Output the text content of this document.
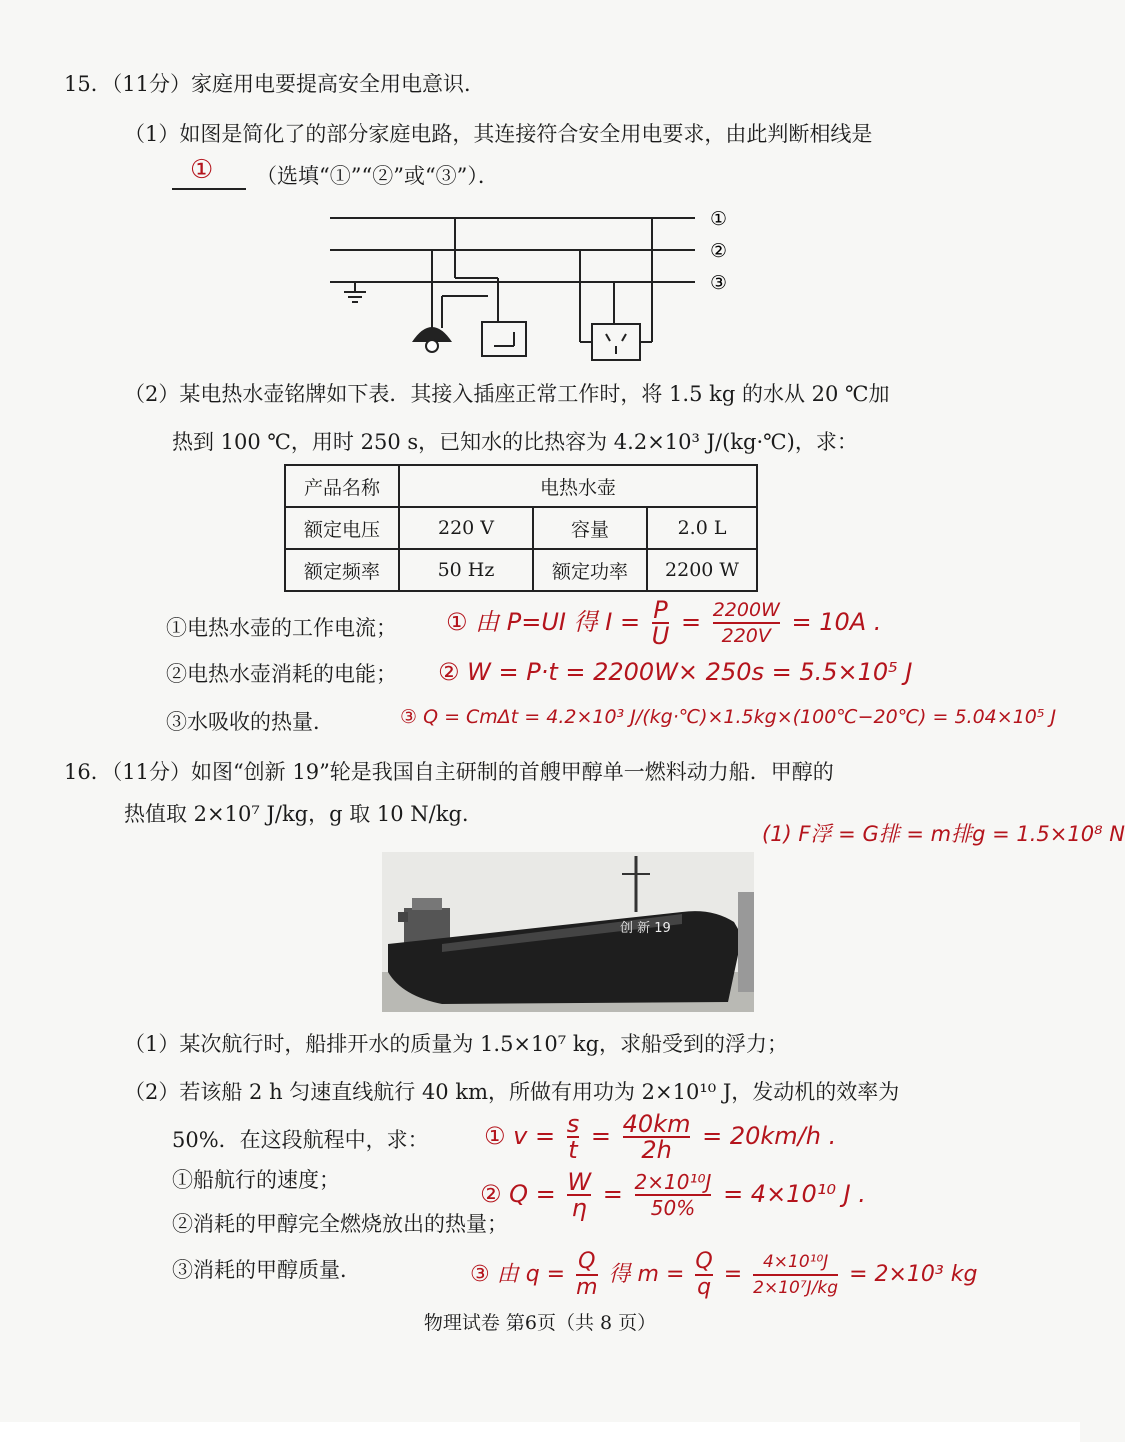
15．（11分）家庭用电要提高安全用电意识．
（1）如图是简化了的部分家庭电路，其连接符合安全用电要求，由此判断相线是
① （选填“①”“②”或“③”）．
①
②
③
（2）某电热水壶铭牌如下表．其接入插座正常工作时，将 1.5 kg 的水从 20 ℃加
热到 100 ℃，用时 250 s，已知水的比热容为 4.2×10³ J/(kg·℃)，求：
产品名称	电热水壶		
额定电压	220 V	容量	2.0 L
额定频率	50 Hz	额定功率	2200 W
①电热水壶的工作电流； ① 由 P=UI 得 $I = \frac{P}{U} = \frac{2200W}{220V} = 10A$ .
②电热水壶消耗的电能； ② W = P·t = 2200W× 250s = 5.5×10⁵ J
③水吸收的热量．	③ Q = CmΔt = 4.2×10³ J/(kg·℃)×1.5kg×(100℃−20℃) = 5.04×10⁵ J
16．（11分）如图“创新 19”轮是我国自主研制的首艘甲醇单一燃料动力船．甲醇的
热值取 2×10⁷ J/kg，g 取 10 N/kg.
(1) F浮 = G排 = m排g = 1.5×10⁸ N
创 新 19
（1）某次航行时，船排开水的质量为 1.5×10⁷ kg，求船受到的浮力；
（2）若该船 2 h 匀速直线航行 40 km，所做有用功为 2×10¹⁰ J，发动机的效率为
50%．在这段航程中，求： ① $v = \frac{s}{t} = \frac{40km}{2h} = 20km/h$ .
①船航行的速度；	② $Q = \frac{W}{\eta} = \frac{\text{2×10¹⁰J}}{50\%} = 4\times 10^{10}$ J .
②消耗的甲醇完全燃烧放出的热量；
③消耗的甲醇质量．	③ 由 $q = \frac{Q}{m}$ 得 $m = \frac{Q}{q} = \frac{\text{4×10¹⁰J}}{\text{2×10⁷J/kg}} = 2\times 10^3$ kg
物理试卷 第6页（共 8 页）
